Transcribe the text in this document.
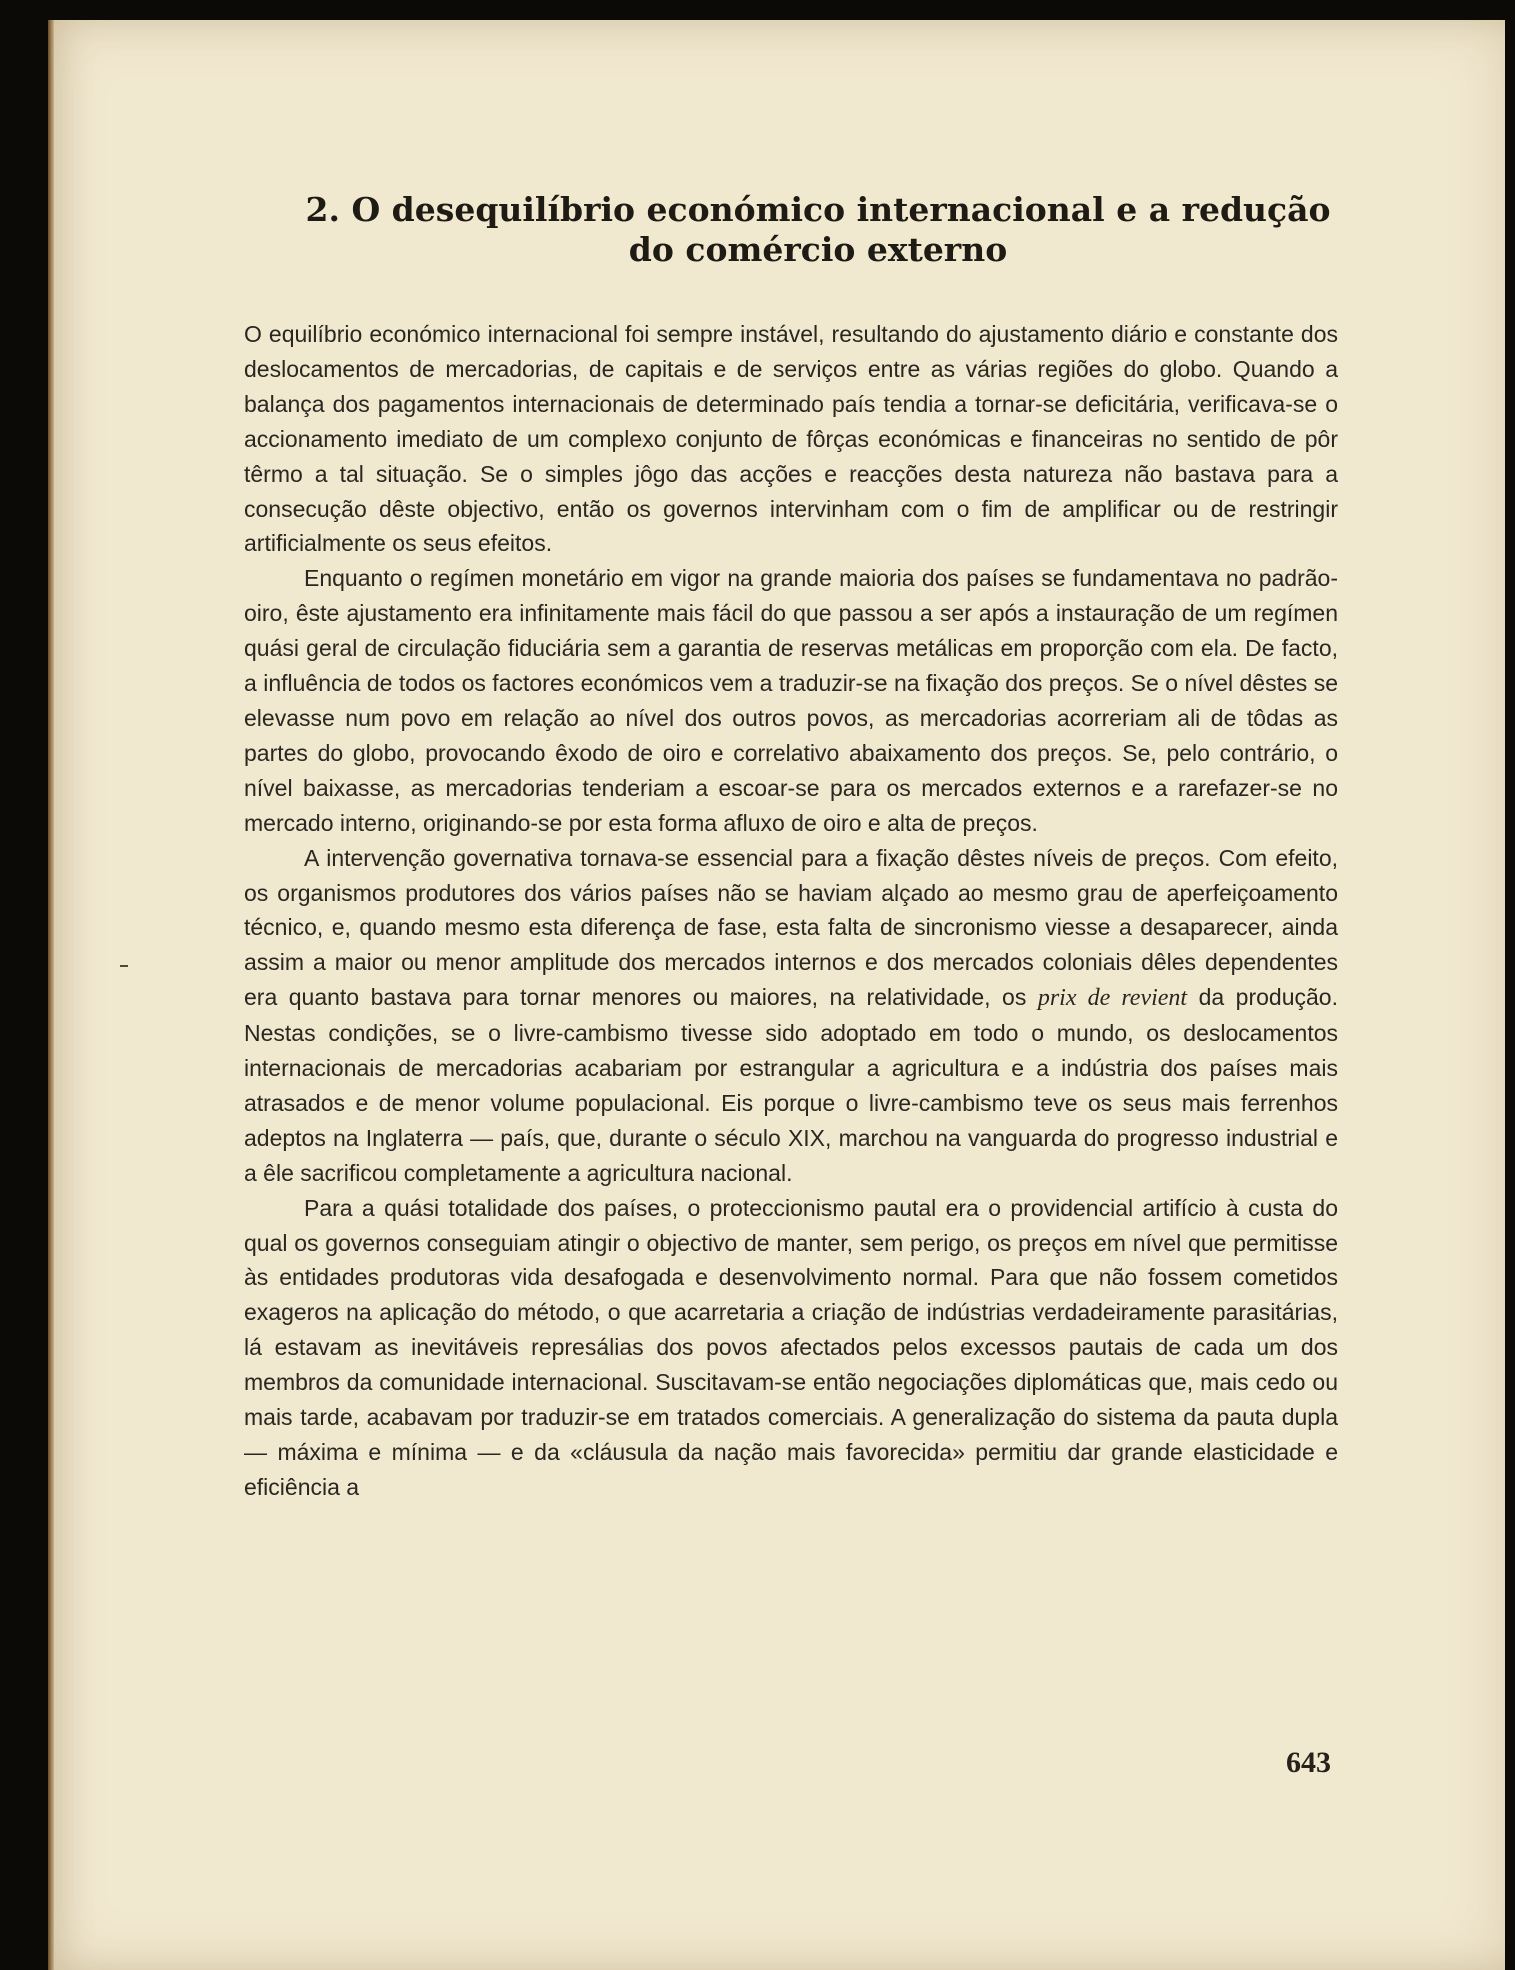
2. O desequilíbrio económico internacional e a redução
do comércio externo

O equilíbrio económico internacional foi sempre instável, resultando do ajustamento diário e constante dos deslocamentos de mercadorias, de capitais e de serviços entre as várias regiões do globo. Quando a balança dos pagamentos internacionais de determinado país tendia a tornar-se deficitária, verificava-se o accionamento imediato de um complexo conjunto de fôrças económicas e financeiras no sentido de pôr têrmo a tal situação. Se o simples jôgo das acções e reacções desta natureza não bastava para a consecução dêste objectivo, então os governos intervinham com o fim de amplificar ou de restringir artificialmente os seus efeitos.

Enquanto o regímen monetário em vigor na grande maioria dos países se fundamentava no padrão-oiro, êste ajustamento era infinitamente mais fácil do que passou a ser após a instauração de um regímen quási geral de circulação fiduciária sem a garantia de reservas metálicas em proporção com ela. De facto, a influência de todos os factores económicos vem a traduzir-se na fixação dos preços. Se o nível dêstes se elevasse num povo em relação ao nível dos outros povos, as mercadorias acorreriam ali de tôdas as partes do globo, provocando êxodo de oiro e correlativo abaixamento dos preços. Se, pelo contrário, o nível baixasse, as mercadorias tenderiam a escoar-se para os mercados externos e a rarefazer-se no mercado interno, originando-se por esta forma afluxo de oiro e alta de preços.

A intervenção governativa tornava-se essencial para a fixação dêstes níveis de preços. Com efeito, os organismos produtores dos vários países não se haviam alçado ao mesmo grau de aperfeiçoamento técnico, e, quando mesmo esta diferença de fase, esta falta de sincronismo viesse a desaparecer, ainda assim a maior ou menor amplitude dos mercados internos e dos mercados coloniais dêles dependentes era quanto bastava para tornar menores ou maiores, na relatividade, os prix de revient da produção. Nestas condições, se o livre-cambismo tivesse sido adoptado em todo o mundo, os deslocamentos internacionais de mercadorias acabariam por estrangular a agricultura e a indústria dos países mais atrasados e de menor volume populacional. Eis porque o livre-cambismo teve os seus mais ferrenhos adeptos na Inglaterra — país, que, durante o século XIX, marchou na vanguarda do progresso industrial e a êle sacrificou completamente a agricultura nacional.

Para a quási totalidade dos países, o proteccionismo pautal era o providencial artifício à custa do qual os governos conseguiam atingir o objectivo de manter, sem perigo, os preços em nível que permitisse às entidades produtoras vida desafogada e desenvolvimento normal. Para que não fossem cometidos exageros na aplicação do método, o que acarretaria a criação de indústrias verdadeiramente parasitárias, lá estavam as inevitáveis represálias dos povos afectados pelos excessos pautais de cada um dos membros da comunidade internacional. Suscitavam-se então negociações diplomáticas que, mais cedo ou mais tarde, acabavam por traduzir-se em tratados comerciais. A generalização do sistema da pauta dupla — máxima e mínima — e da «cláusula da nação mais favorecida» permitiu dar grande elasticidade e eficiência a

643
